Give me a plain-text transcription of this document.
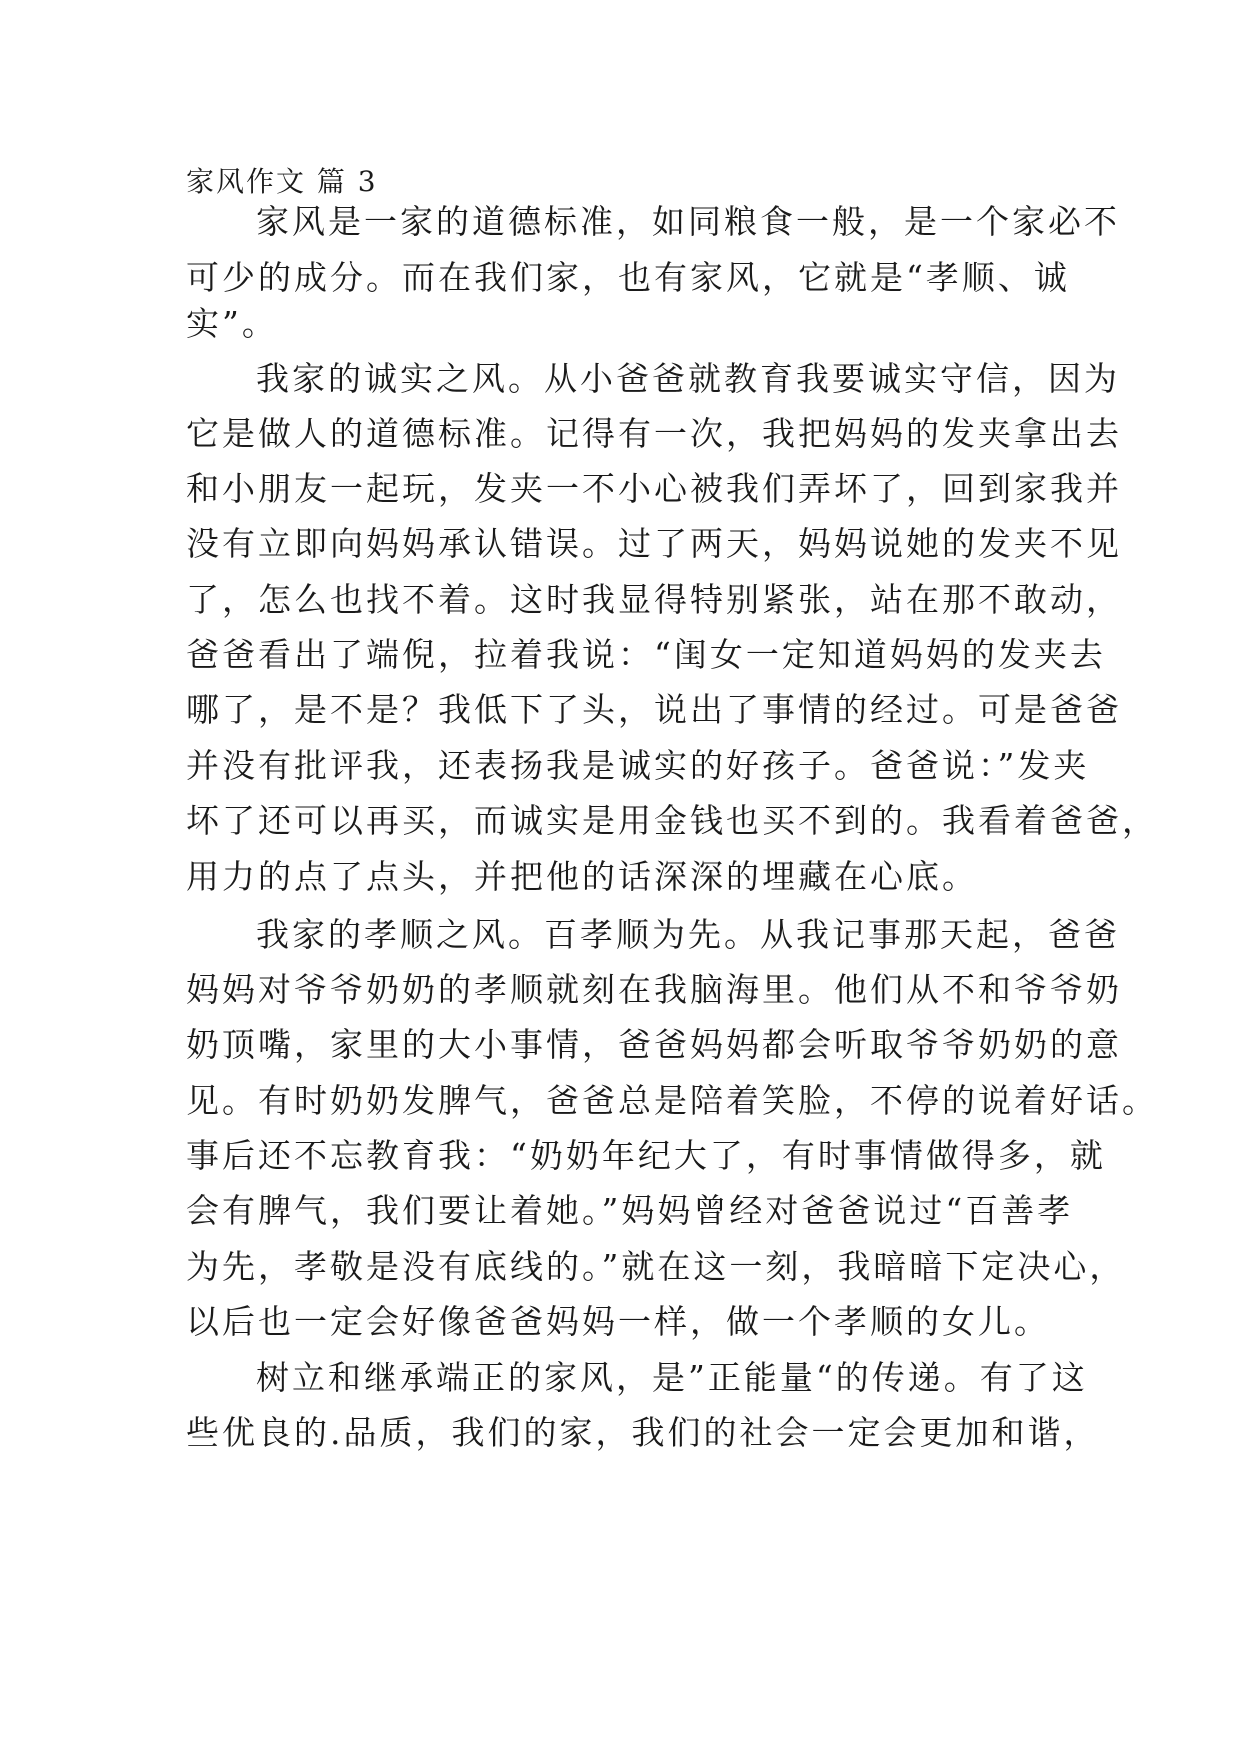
家风作文 篇 3
家风是一家的道德标准，如同粮食一般，是一个家必不
可少的成分。而在我们家，也有家风，它就是“孝顺、诚
实”。
我家的诚实之风。从小爸爸就教育我要诚实守信，因为
它是做人的道德标准。记得有一次，我把妈妈的发夹拿出去
和小朋友一起玩，发夹一不小心被我们弄坏了，回到家我并
没有立即向妈妈承认错误。过了两天，妈妈说她的发夹不见
了，怎么也找不着。这时我显得特别紧张，站在那不敢动，
爸爸看出了端倪，拉着我说：“闺女一定知道妈妈的发夹去
哪了，是不是？我低下了头，说出了事情的经过。可是爸爸
并没有批评我，还表扬我是诚实的好孩子。爸爸说：”发夹
坏了还可以再买，而诚实是用金钱也买不到的。我看着爸爸，
用力的点了点头，并把他的话深深的埋藏在心底。
我家的孝顺之风。百孝顺为先。从我记事那天起，爸爸
妈妈对爷爷奶奶的孝顺就刻在我脑海里。他们从不和爷爷奶
奶顶嘴，家里的大小事情，爸爸妈妈都会听取爷爷奶奶的意
见。有时奶奶发脾气，爸爸总是陪着笑脸，不停的说着好话。
事后还不忘教育我：“奶奶年纪大了，有时事情做得多，就
会有脾气，我们要让着她。”妈妈曾经对爸爸说过“百善孝
为先，孝敬是没有底线的。”就在这一刻，我暗暗下定决心，
以后也一定会好像爸爸妈妈一样，做一个孝顺的女儿。
树立和继承端正的家风，是”正能量“的传递。有了这
些优良的.品质，我们的家，我们的社会一定会更加和谐，
